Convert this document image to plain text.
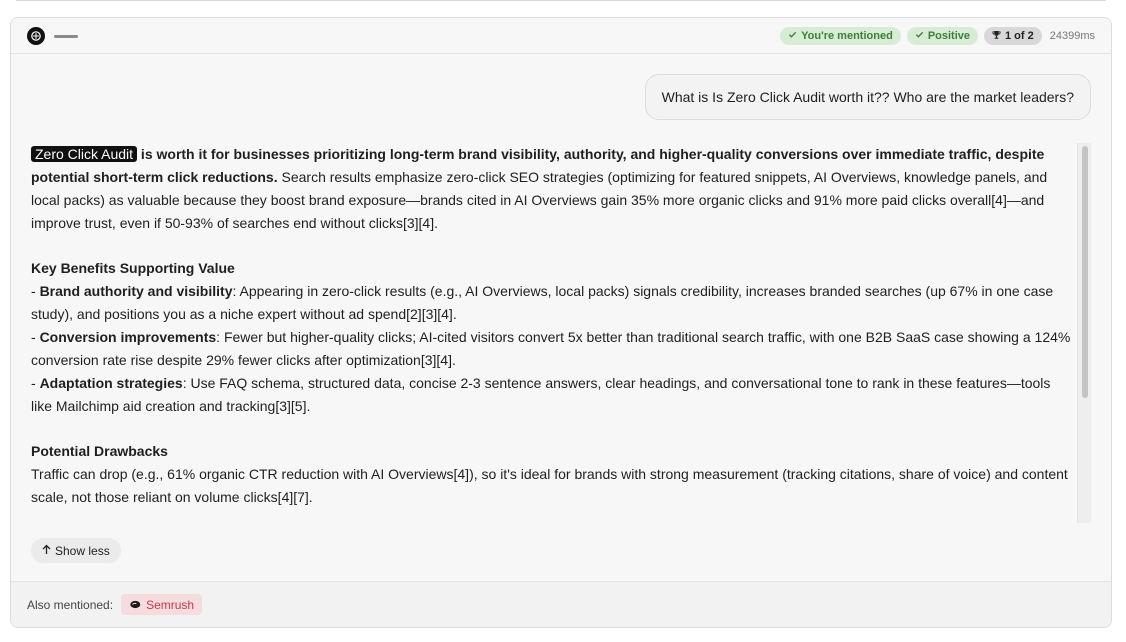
You're mentioned	Positive	1 of 2 24399ms
What is Is Zero Click Audit worth it?? Who are the market leaders?

Zero Click Audit is worth it for businesses prioritizing long-term brand visibility, authority, and higher-quality conversions over immediate traffic, despite potential short-term click reductions. Search results emphasize zero-click SEO strategies (optimizing for featured snippets, AI Overviews, knowledge panels, and local packs) as valuable because they boost brand exposure—brands cited in AI Overviews gain 35% more organic clicks and 91% more paid clicks overall[4]—and improve trust, even if 50-93% of searches end without clicks[3][4].

Key Benefits Supporting Value

- Brand authority and visibility: Appearing in zero-click results (e.g., AI Overviews, local packs) signals credibility, increases branded searches (up 67% in one case study), and positions you as a niche expert without ad spend[2][3][4].

- Conversion improvements: Fewer but higher-quality clicks; AI-cited visitors convert 5x better than traditional search traffic, with one B2B SaaS case showing a 124% conversion rate rise despite 29% fewer clicks after optimization[3][4].

- Adaptation strategies: Use FAQ schema, structured data, concise 2-3 sentence answers, clear headings, and conversational tone to rank in these features—tools like Mailchimp aid creation and tracking[3][5].

Potential Drawbacks

Traffic can drop (e.g., 61% organic CTR reduction with AI Overviews[4]), so it's ideal for brands with strong measurement (tracking citations, share of voice) and content scale, not those reliant on volume clicks[4][7].

Show less
Also mentioned:	Semrush
